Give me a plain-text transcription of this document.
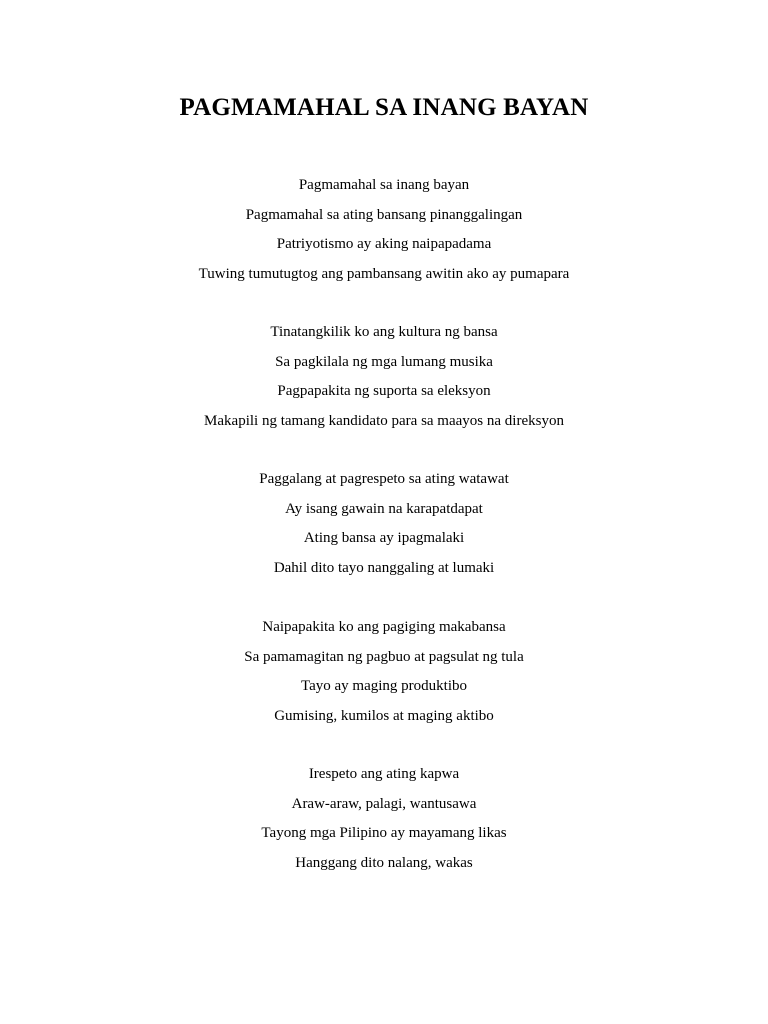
PAGMAMAHAL SA INANG BAYAN
Pagmamahal sa inang bayan
Pagmamahal sa ating bansang pinanggalingan
Patriyotismo ay aking naipapadama
Tuwing tumutugtog ang pambansang awitin ako ay pumapara
Tinatangkilik ko ang kultura ng bansa
Sa pagkilala ng mga lumang musika
Pagpapakita ng suporta sa eleksyon
Makapili ng tamang kandidato para sa maayos na direksyon
Paggalang at pagrespeto sa ating watawat
Ay isang gawain na karapatdapat
Ating bansa ay ipagmalaki
Dahil dito tayo nanggaling at lumaki
Naipapakita ko ang pagiging makabansa
Sa pamamagitan ng pagbuo at pagsulat ng tula
Tayo ay maging produktibo
Gumising, kumilos at maging aktibo
Irespeto ang ating kapwa
Araw-araw, palagi, wantusawa
Tayong mga Pilipino ay mayamang likas
Hanggang dito nalang, wakas
